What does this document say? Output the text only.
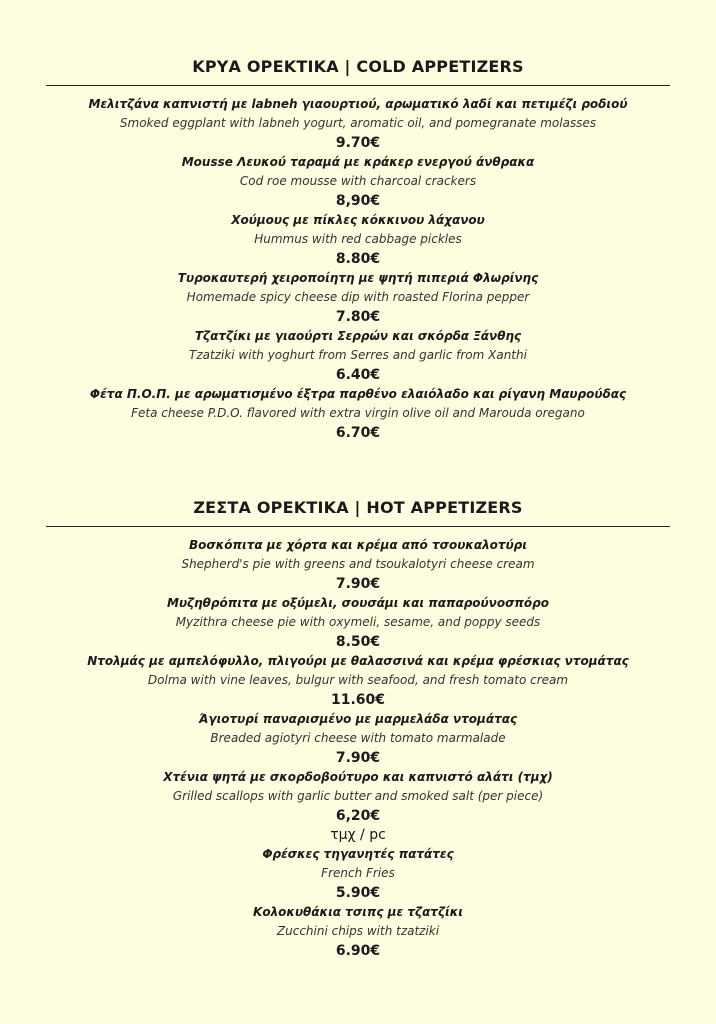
ΚΡΥΑ ΟΡΕΚΤΙΚΑ | COLD APPETIZERS
Μελιτζάνα καπνιστή με labneh γιαουρτιού, αρωματικό λαδί και πετιμέζι ροδιού
Smoked eggplant with labneh yogurt, aromatic oil, and pomegranate molasses
9.70€
Mousse Λευκού ταραμά με κράκερ ενεργού άνθρακα
Cod roe mousse with charcoal crackers
8,90€
Χούμους με πίκλες κόκκινου λάχανου
Hummus with red cabbage pickles
8.80€
Τυροκαυτερή χειροποίητη με ψητή πιπεριά Φλωρίνης
Homemade spicy cheese dip with roasted Florina pepper
7.80€
Τζατζίκι με γιαούρτι Σερρών και σκόρδα Ξάνθης
Tzatziki with yoghurt from Serres and garlic from Xanthi
6.40€
Φέτα Π.Ο.Π. με αρωματισμένο έξτρα παρθένο ελαιόλαδο και ρίγανη Μαυρούδας
Feta cheese P.D.O. flavored with extra virgin olive oil and Marouda oregano
6.70€
ΖΕΣΤΑ ΟΡΕΚΤΙΚΑ | HOT APPETIZERS
Βοσκόπιτα με χόρτα και κρέμα από τσουκαλοτύρι
Shepherd's pie with greens and tsoukalotyri cheese cream
7.90€
Μυζηθρόπιτα με οξύμελι, σουσάμι και παπαρούνοσπόρο
Myzithra cheese pie with oxymeli, sesame, and poppy seeds
8.50€
Ντολμάς με αμπελόφυλλο, πλιγούρι με θαλασσινά και κρέμα φρέσκιας ντομάτας
Dolma with vine leaves, bulgur with seafood, and fresh tomato cream
11.60€
Άγιοτυρί παναρισμένο με μαρμελάδα ντομάτας
Breaded agiotyri cheese with tomato marmalade
7.90€
Χτένια ψητά με σκορδοβούτυρο και καπνιστό αλάτι (τμχ)
Grilled scallops with garlic butter and smoked salt (per piece)
6,20€
τμχ / pc
Φρέσκες τηγανητές πατάτες
French Fries
5.90€
Κολοκυθάκια τσιπς με τζατζίκι
Zucchini chips with tzatziki
6.90€
